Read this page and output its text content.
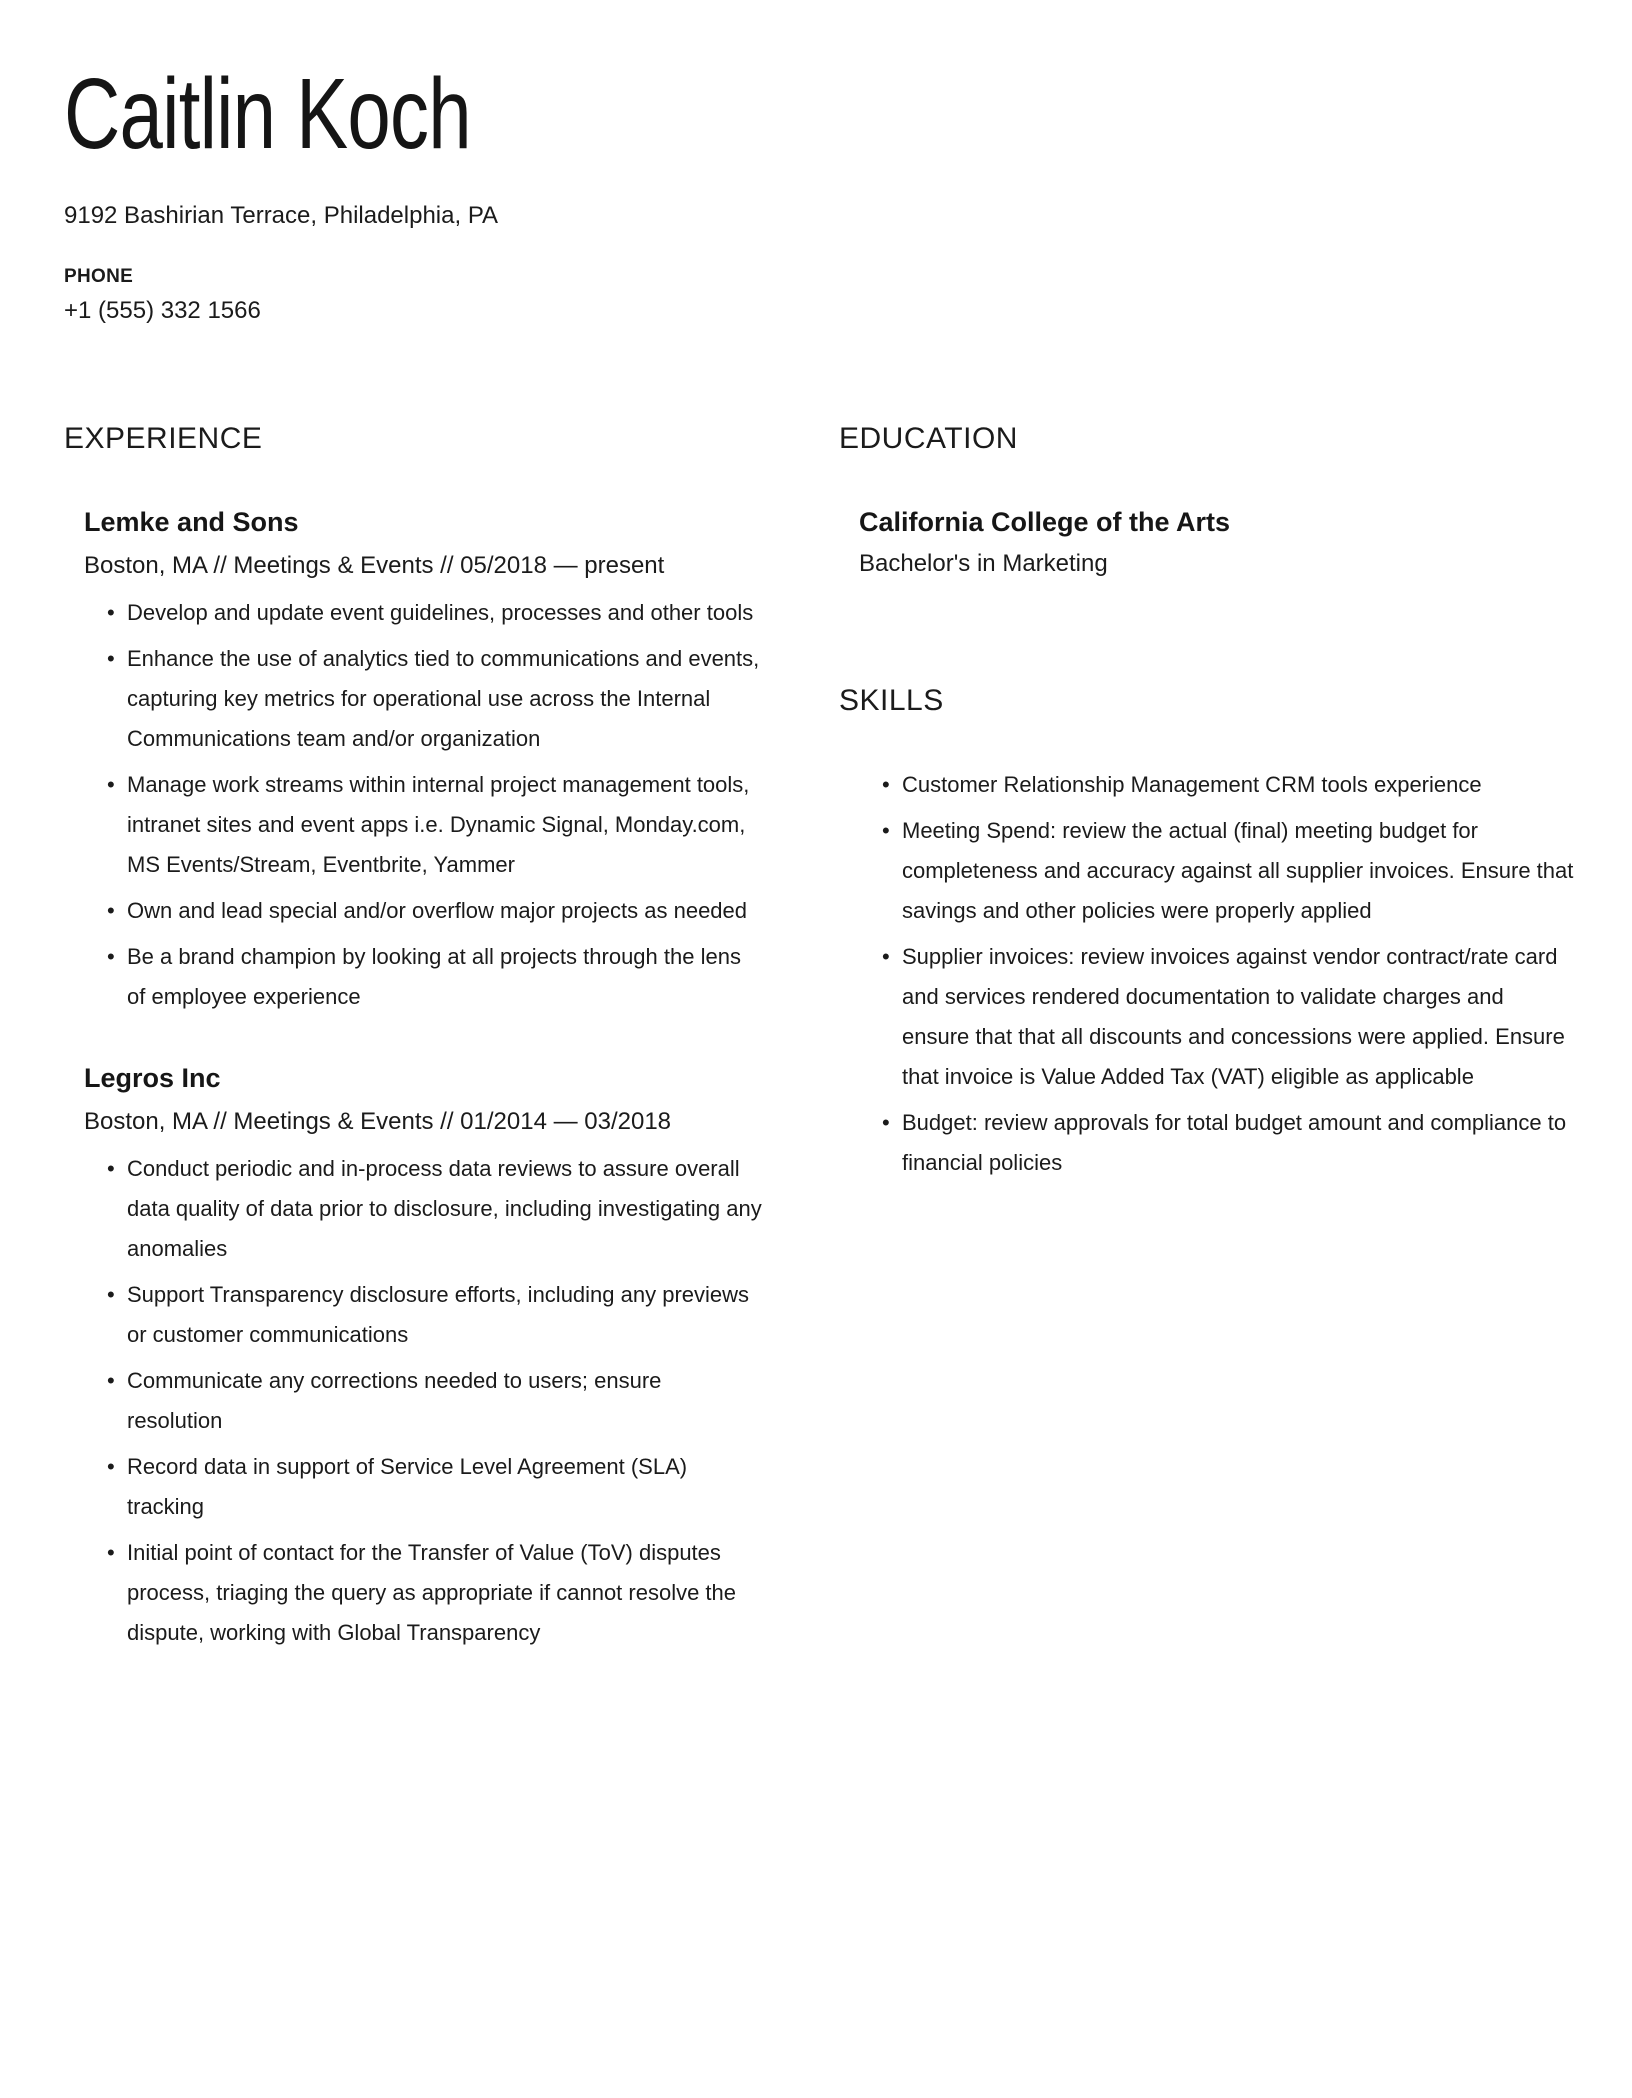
Caitlin Koch

9192 Bashirian Terrace, Philadelphia, PA

PHONE
+1 (555) 332 1566
EXPERIENCE
Lemke and Sons

Boston, MA // Meetings & Events // 05/2018 — present

• Develop and update event guidelines, processes and other tools
• Enhance the use of analytics tied to communications and events, capturing key metrics for operational use across the Internal Communications team and/or organization
• Manage work streams within internal project management tools, intranet sites and event apps i.e. Dynamic Signal, Monday.com, MS Events/Stream, Eventbrite, Yammer
• Own and lead special and/or overflow major projects as needed
• Be a brand champion by looking at all projects through the lens of employee experience
Legros Inc

Boston, MA // Meetings & Events // 01/2014 — 03/2018

• Conduct periodic and in-process data reviews to assure overall data quality of data prior to disclosure, including investigating any anomalies
• Support Transparency disclosure efforts, including any previews or customer communications
• Communicate any corrections needed to users; ensure resolution
• Record data in support of Service Level Agreement (SLA) tracking
• Initial point of contact for the Transfer of Value (ToV) disputes process, triaging the query as appropriate if cannot resolve the dispute, working with Global Transparency
EDUCATION
California College of the Arts

Bachelor's in Marketing

SKILLS
• Customer Relationship Management CRM tools experience
• Meeting Spend: review the actual (final) meeting budget for completeness and accuracy against all supplier invoices. Ensure that savings and other policies were properly applied
• Supplier invoices: review invoices against vendor contract/rate card and services rendered documentation to validate charges and ensure that that all discounts and concessions were applied. Ensure that invoice is Value Added Tax (VAT) eligible as applicable
• Budget: review approvals for total budget amount and compliance to financial policies
